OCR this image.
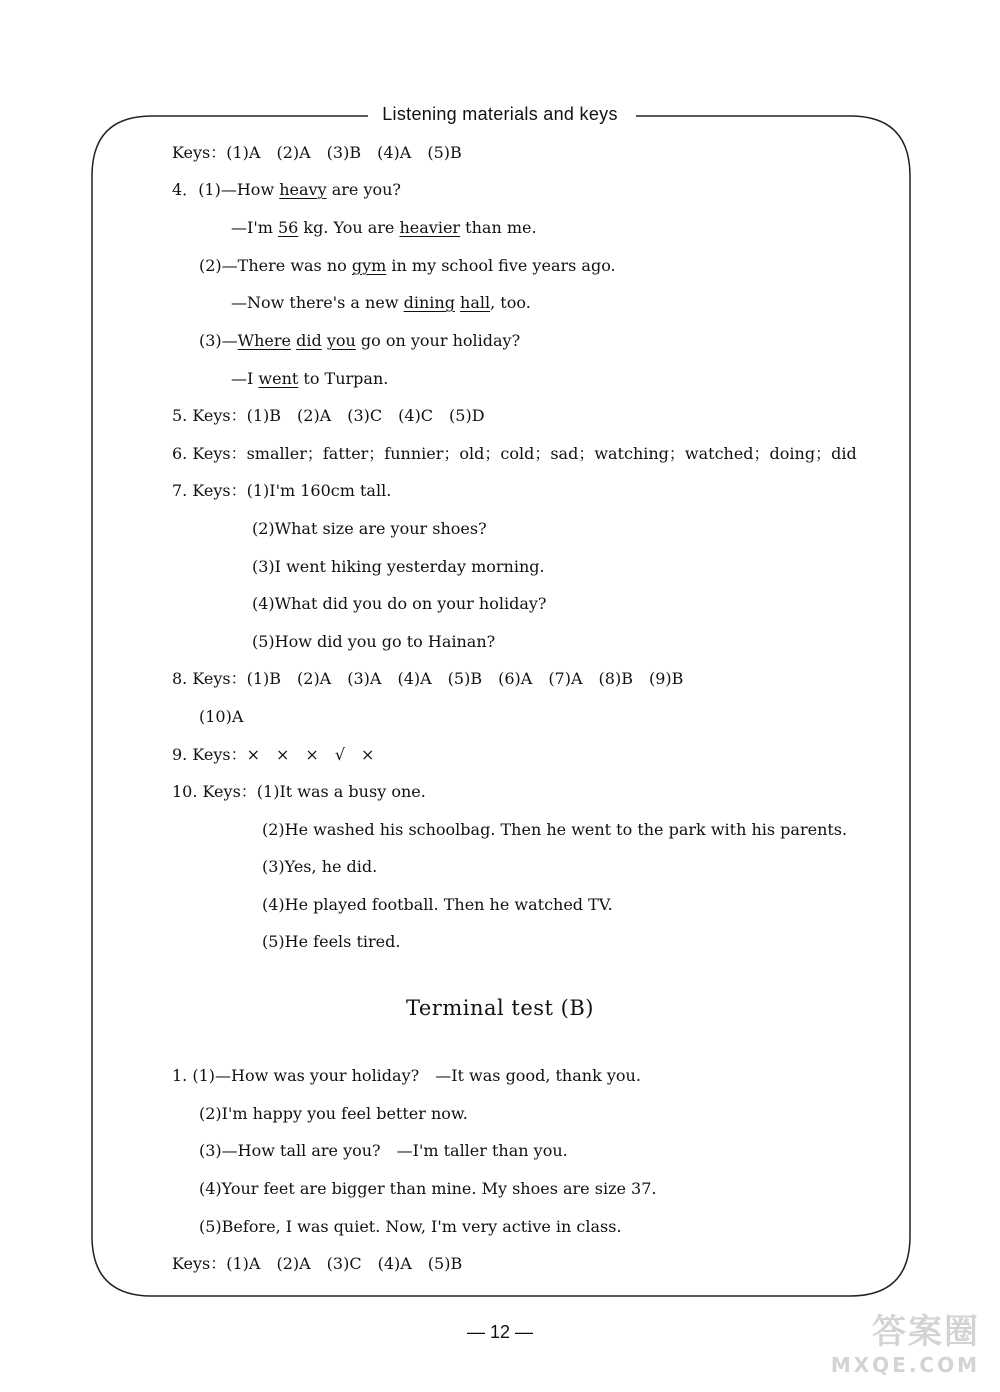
Listening materials and keys
Keys：(1)A　(2)A　(3)B　(4)A　(5)B
4．(1)—How heavy are you?
—I'm 56 kg. You are heavier than me.
(2)—There was no gym in my school five years ago.
—Now there's a new dining hall, too.
(3)—Where did you go on your holiday?
—I went to Turpan.
5. Keys：(1)B　(2)A　(3)C　(4)C　(5)D
6. Keys：smaller；fatter；funnier；old；cold；sad；watching；watched；doing；did
7. Keys：(1)I'm 160cm tall.
(2)What size are your shoes?
(3)I went hiking yesterday morning.
(4)What did you do on your holiday?
(5)How did you go to Hainan?
8. Keys：(1)B　(2)A　(3)A　(4)A　(5)B　(6)A　(7)A　(8)B　(9)B
(10)A
9. Keys：×　×　×　√　×
10. Keys：(1)It was a busy one.
(2)He washed his schoolbag. Then he went to the park with his parents.
(3)Yes, he did.
(4)He played football. Then he watched TV.
(5)He feels tired.
Terminal test (B)
1. (1)—How was your holiday?　—It was good, thank you.
(2)I'm happy you feel better now.
(3)—How tall are you?　—I'm taller than you.
(4)Your feet are bigger than mine. My shoes are size 37.
(5)Before, I was quiet. Now, I'm very active in class.
Keys：(1)A　(2)A　(3)C　(4)A　(5)B
— 12 —	答案圈
MXQE.COM
